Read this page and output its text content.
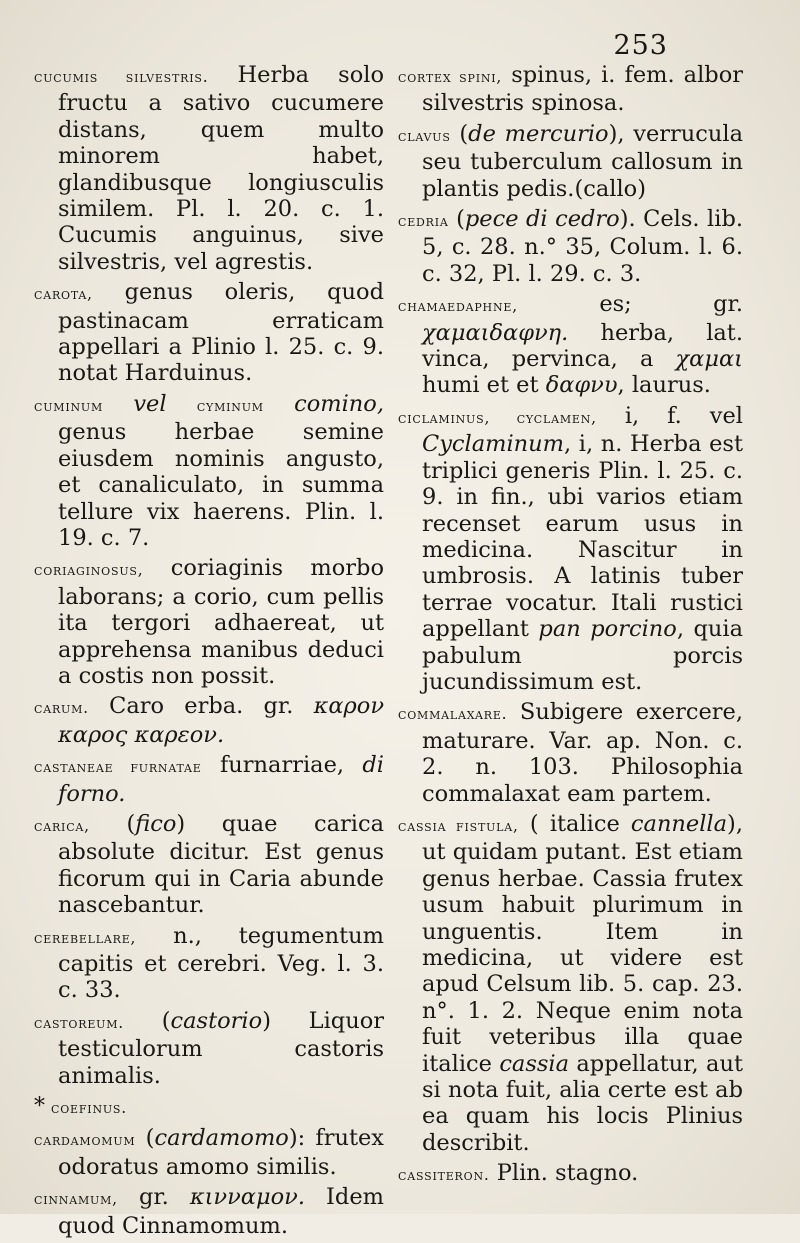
253
cucumis silvestris. Herba solo fructu a sativo cucumere distans, quem multo minorem habet, glandibusque longiusculis similem. Pl. l. 20. c. 1. Cucumis anguinus, sive silvestris, vel agrestis.
carota, genus oleris, quod pastinacam erraticam appellari a Plinio l. 25. c. 9. notat Harduinus.
cuminum vel cyminum comino, genus herbae semine eiusdem nominis angusto, et canaliculato, in summa tellure vix haerens. Plin. l. 19. c. 7.
coriaginosus, coriaginis morbo laborans; a corio, cum pellis ita tergori adhaereat, ut apprehensa manibus deduci a costis non possit.
carum. Caro erba. gr. καρον καρος καρεον.
castaneae furnatae furnarriae, di forno.
carica, (fico) quae carica absolute dicitur. Est genus ficorum qui in Caria abunde nascebantur.
cerebellare, n., tegumentum capitis et cerebri. Veg. l. 3. c. 33.
castoreum. (castorio) Liquor testiculorum castoris animalis.
* coefinus.
cardamomum (cardamomo): frutex odoratus amomo similis.
cinnamum, gr. κινναμον. Idem quod Cinnamomum.
cortex spini, spinus, i. fem. albor silvestris spinosa.
clavus (de mercurio), verrucula seu tuberculum callosum in plantis pedis.(callo)
cedria (pece di cedro). Cels. lib. 5, c. 28. n.° 35, Colum. l. 6. c. 32, Pl. l. 29. c. 3.
chamaedaphne, es; gr. χαμαιδαφνη. herba, lat. vinca, pervinca, a χαμαι humi et et δαφνυ, laurus.
ciclaminus, cyclamen, i, f. vel Cyclaminum, i, n. Herba est triplici generis Plin. l. 25. c. 9. in fin., ubi varios etiam recenset earum usus in medicina. Nascitur in umbrosis. A latinis tuber terrae vocatur. Itali rustici appellant pan porcino, quia pabulum porcis jucundissimum est.
commalaxare. Subigere exercere, maturare. Var. ap. Non. c. 2. n. 103. Philosophia commalaxat eam partem.
cassia fistula, ( italice cannella), ut quidam putant. Est etiam genus herbae. Cassia frutex usum habuit plurimum in unguentis. Item in medicina, ut videre est apud Celsum lib. 5. cap. 23. n°. 1. 2. Neque enim nota fuit veteribus illa quae italice cassia appellatur, aut si nota fuit, alia certe est ab ea quam his locis Plinius describit.
cassiteron. Plin. stagno.
